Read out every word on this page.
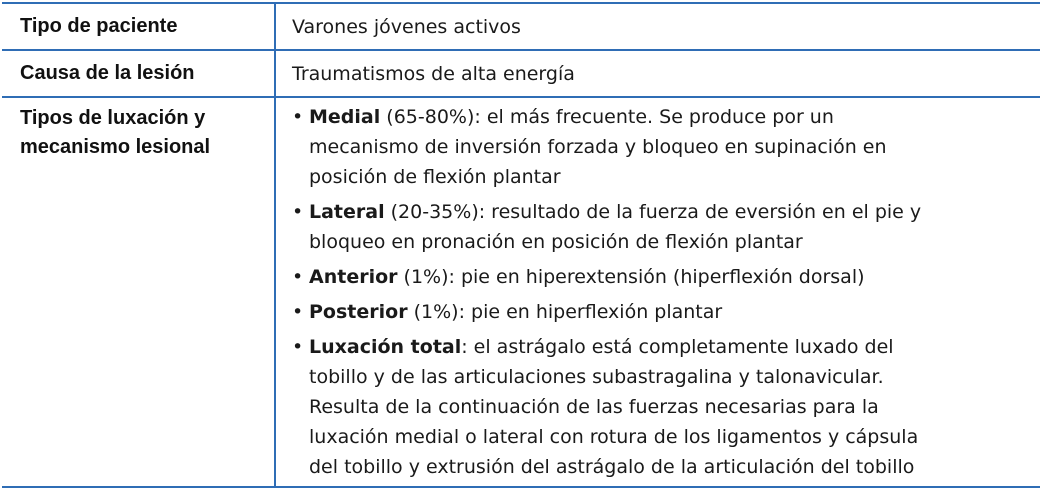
Tipo de paciente	Varones jóvenes activos
Causa de la lesión	Traumatismos de alta energía
Tipos de luxación y
mecanismo lesional
• Medial (65-80%): el más frecuente. Se produce por un
mecanismo de inversión forzada y bloqueo en supinación en
posición de flexión plantar
• Lateral (20-35%): resultado de la fuerza de eversión en el pie y
bloqueo en pronación en posición de flexión plantar
• Anterior (1%): pie en hiperextensión (hiperflexión dorsal)
• Posterior (1%): pie en hiperflexión plantar
• Luxación total: el astrágalo está completamente luxado del
tobillo y de las articulaciones subastragalina y talonavicular.
Resulta de la continuación de las fuerzas necesarias para la
luxación medial o lateral con rotura de los ligamentos y cápsula
del tobillo y extrusión del astrágalo de la articulación del tobillo
